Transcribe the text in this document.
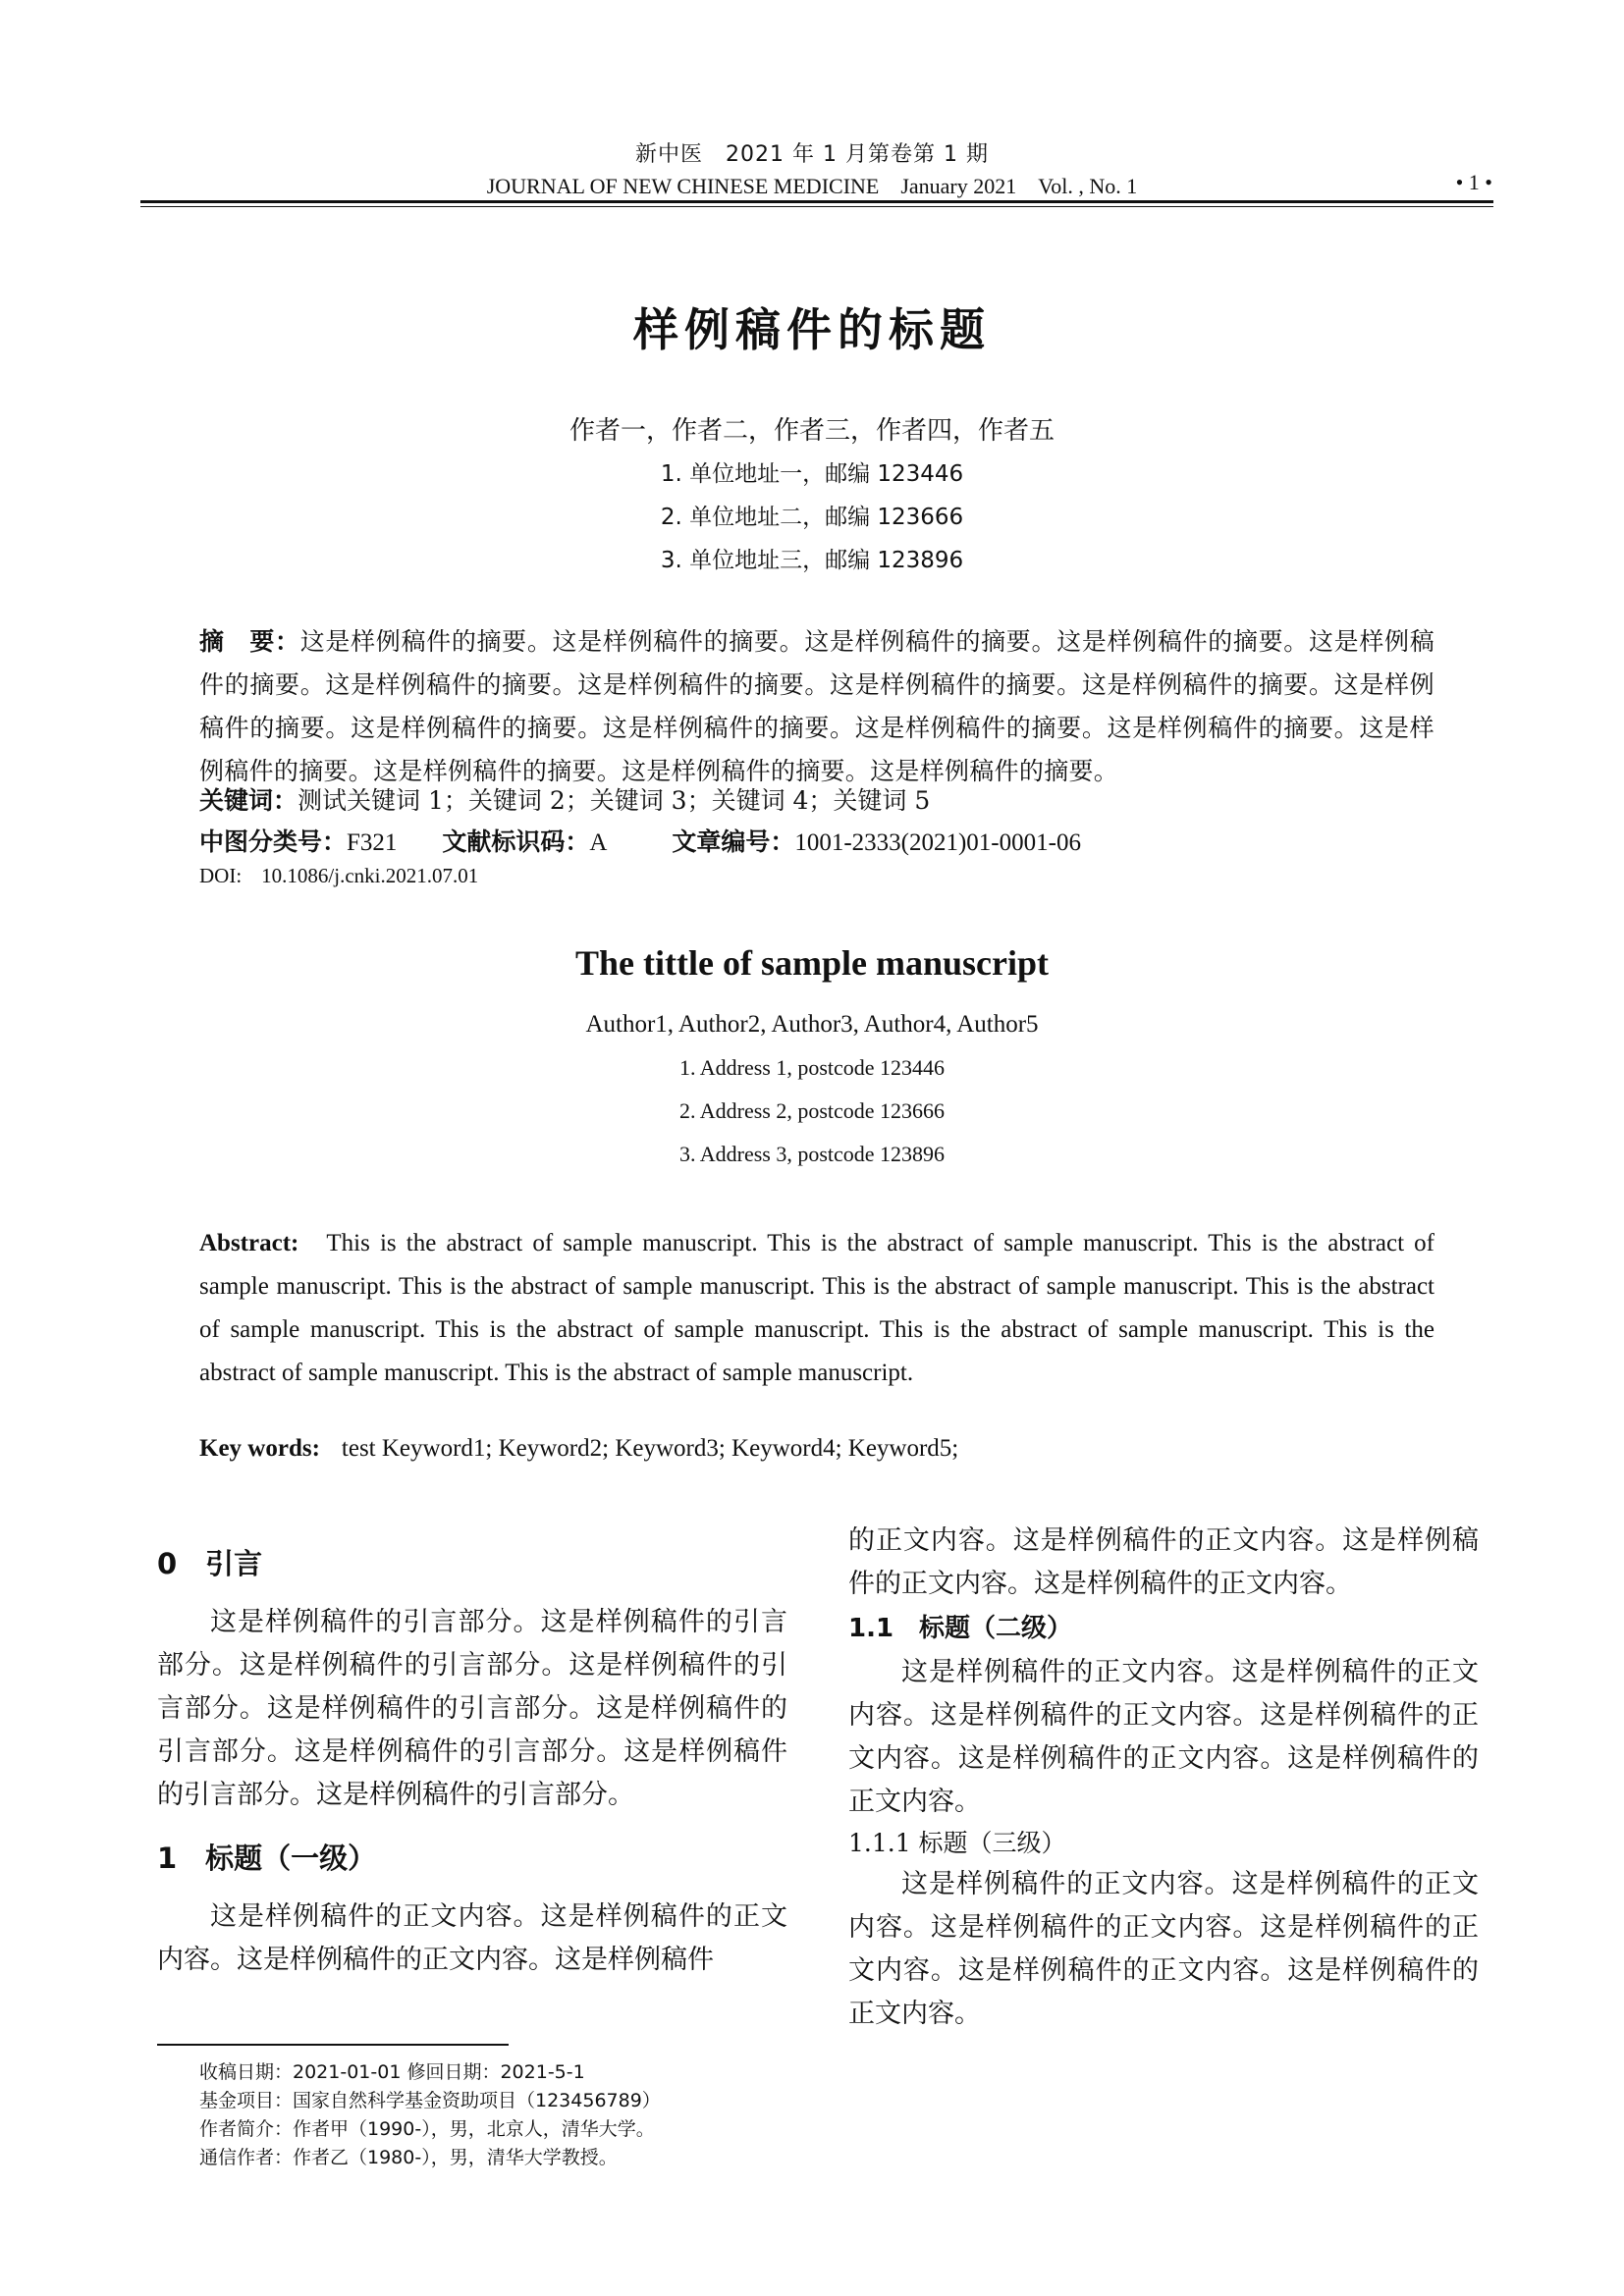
新中医　2021 年 1 月第卷第 1 期
JOURNAL OF NEW CHINESE MEDICINE　January 2021　Vol. , No. 1	• 1 •
样例稿件的标题
作者一，作者二，作者三，作者四，作者五
1. 单位地址一，邮编 123446
2. 单位地址二，邮编 123666
3. 单位地址三，邮编 123896
摘　要：这是样例稿件的摘要。这是样例稿件的摘要。这是样例稿件的摘要。这是样例稿件的摘要。这是样例稿件的摘要。这是样例稿件的摘要。这是样例稿件的摘要。这是样例稿件的摘要。这是样例稿件的摘要。这是样例稿件的摘要。这是样例稿件的摘要。这是样例稿件的摘要。这是样例稿件的摘要。这是样例稿件的摘要。这是样例稿件的摘要。这是样例稿件的摘要。这是样例稿件的摘要。这是样例稿件的摘要。
关键词：测试关键词 1；关键词 2；关键词 3；关键词 4；关键词 5
中图分类号：F321 文献标识码：A	文章编号：1001-2333(2021)01-0001-06
DOI: 10.1086/j.cnki.2021.07.01
The tittle of sample manuscript
Author1, Author2, Author3, Author4, Author5
1. Address 1, postcode 123446
2. Address 2, postcode 123666
3. Address 3, postcode 123896
Abstract: This is the abstract of sample manuscript. This is the abstract of sample manuscript. This is the abstract of sample manuscript. This is the abstract of sample manuscript. This is the abstract of sample manuscript. This is the abstract of sample manuscript. This is the abstract of sample manuscript. This is the abstract of sample manuscript. This is the abstract of sample manuscript. This is the abstract of sample manuscript.
Key words: test Keyword1; Keyword2; Keyword3; Keyword4; Keyword5;
0　引言

这是样例稿件的引言部分。这是样例稿件的引言部分。这是样例稿件的引言部分。这是样例稿件的引言部分。这是样例稿件的引言部分。这是样例稿件的引言部分。这是样例稿件的引言部分。这是样例稿件的引言部分。这是样例稿件的引言部分。

1　标题（一级）

这是样例稿件的正文内容。这是样例稿件的正文内容。这是样例稿件的正文内容。这是样例稿件

的正文内容。这是样例稿件的正文内容。这是样例稿件的正文内容。这是样例稿件的正文内容。

1.1　标题（二级）

这是样例稿件的正文内容。这是样例稿件的正文内容。这是样例稿件的正文内容。这是样例稿件的正文内容。这是样例稿件的正文内容。这是样例稿件的正文内容。

1.1.1 标题（三级）

这是样例稿件的正文内容。这是样例稿件的正文内容。这是样例稿件的正文内容。这是样例稿件的正文内容。这是样例稿件的正文内容。这是样例稿件的正文内容。

收稿日期：2021-01-01 修回日期：2021-5-1
基金项目：国家自然科学基金资助项目（123456789）
作者简介：作者甲（1990-），男，北京人，清华大学。
通信作者：作者乙（1980-），男，清华大学教授。
